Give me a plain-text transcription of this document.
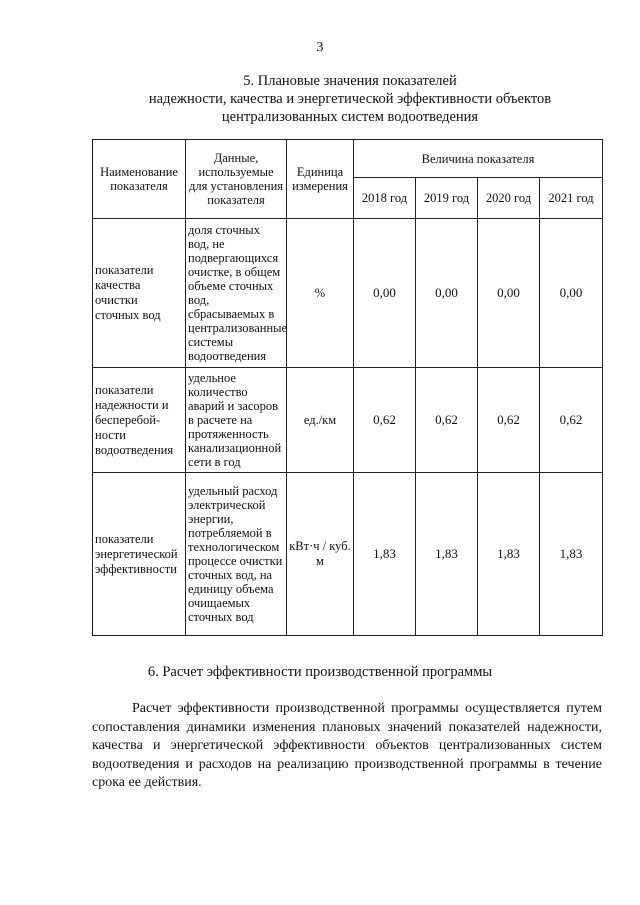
3
5. Плановые значения показателей
надежности, качества и энергетической эффективности объектов
централизованных систем водоотведения
Наименование показателя	Данные, используемые для установления показателя	Единица измерения	Величина показателя			
			2018 год	2019 год	2020 год	2021 год
показатели качества очистки сточных вод	доля сточных вод, не подвергающихся очистке, в общем объеме сточных вод, сбрасываемых в централизованные системы водоотведения	%	0,00	0,00	0,00	0,00
показатели надежности и бесперебой-ности водоотведения	удельное количество аварий и засоров в расчете на протяженность канализационной сети в год	ед./км	0,62	0,62	0,62	0,62
показатели энергетической эффективности	удельный расход электрической энергии, потребляемой в технологическом процессе очистки сточных вод, на единицу объема очищаемых сточных вод	кВт·ч / куб. м	1,83	1,83	1,83	1,83
6. Расчет эффективности производственной программы
Расчет эффективности производственной программы осуществляется путем сопоставления динамики изменения плановых значений показателей надежности, качества и энергетической эффективности объектов централизованных систем водоотведения и расходов на реализацию производственной программы в течение срока ее действия.
